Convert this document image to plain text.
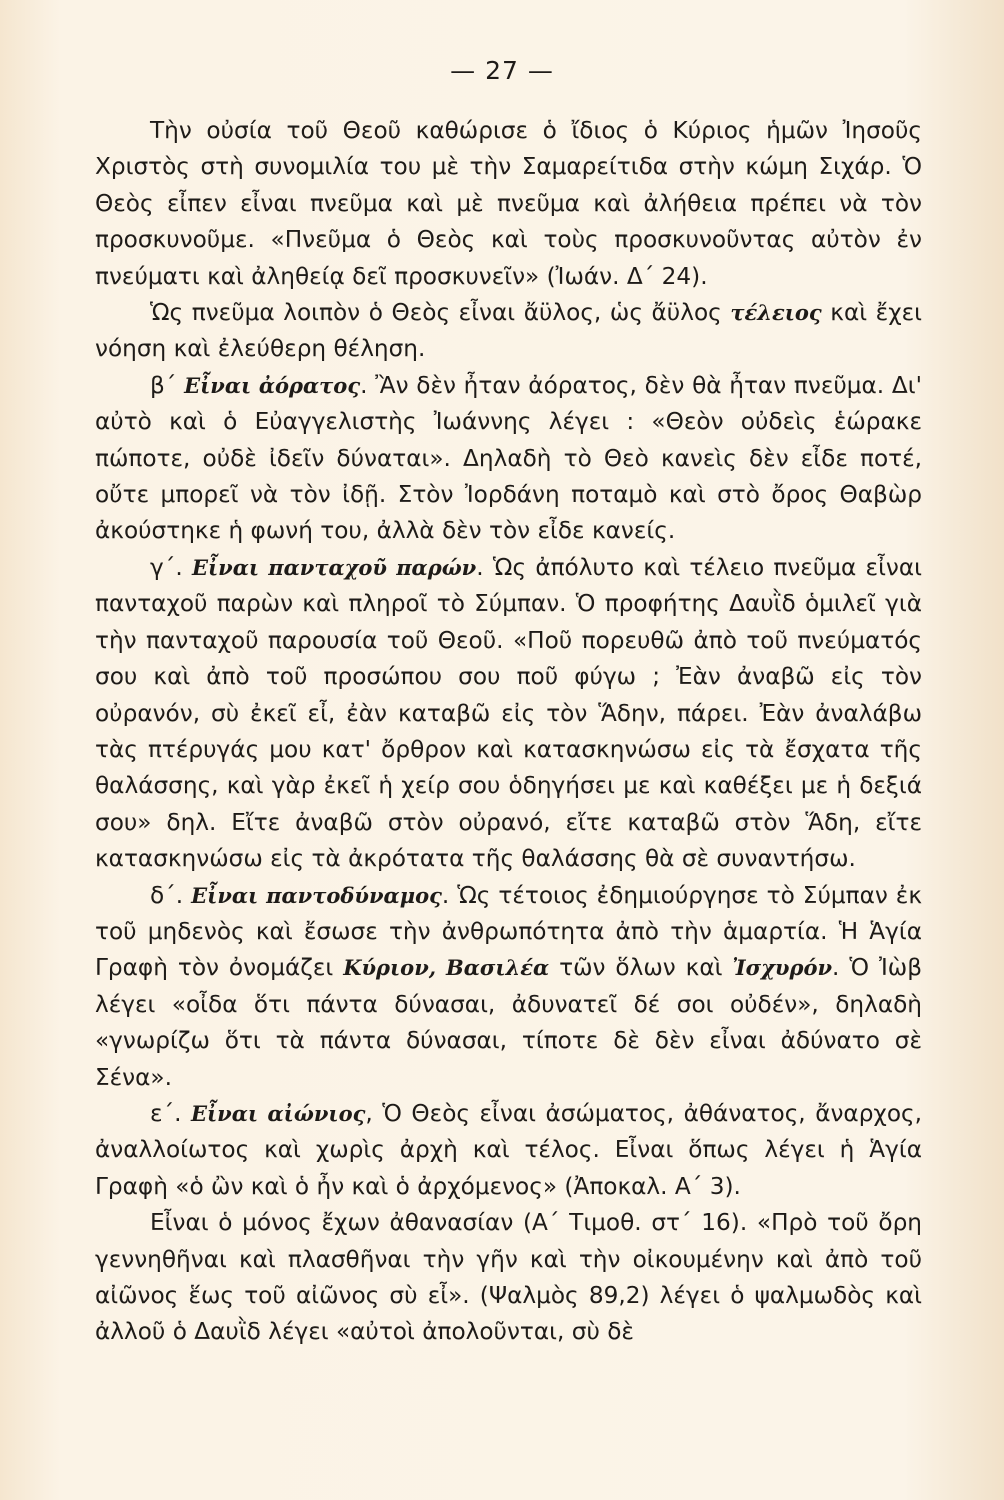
— 27 —

Τὴν οὐσία τοῦ Θεοῦ καθώρισε ὁ ἴδιος ὁ Κύριος ἡμῶν Ἰησοῦς Χριστὸς στὴ συνομιλία του μὲ τὴν Σαμαρείτιδα στὴν κώμη Σιχάρ. Ὁ Θεὸς εἶπεν εἶναι πνεῦμα καὶ μὲ πνεῦμα καὶ ἀλήθεια πρέπει νὰ τὸν προσκυνοῦμε. «Πνεῦμα ὁ Θεὸς καὶ τοὺς προσκυνοῦντας αὐτὸν ἐν πνεύματι καὶ ἀληθείᾳ δεῖ προσκυνεῖν» (Ἰωάν. Δ΄ 24).

Ὡς πνεῦμα λοιπὸν ὁ Θεὸς εἶναι ἄϋλος, ὡς ἄϋλος τέλειος καὶ ἔχει νόηση καὶ ἐλεύθερη θέληση.

β΄ Εἶναι ἀόρατος. Ἂν δὲν ἦταν ἀόρατος, δὲν θὰ ἦταν πνεῦμα. Δι' αὐτὸ καὶ ὁ Εὐαγγελιστὴς Ἰωάννης λέγει : «Θεὸν οὐδεὶς ἑώρακε πώποτε, οὐδὲ ἰδεῖν δύναται». Δηλαδὴ τὸ Θεὸ κανεὶς δὲν εἶδε ποτέ, οὔτε μπορεῖ νὰ τὸν ἰδῇ. Στὸν Ἰορδάνη ποταμὸ καὶ στὸ ὄρος Θαβὼρ ἀκούστηκε ἡ φωνή του, ἀλλὰ δὲν τὸν εἶδε κανείς.

γ΄. Εἶναι πανταχοῦ παρών. Ὡς ἀπόλυτο καὶ τέλειο πνεῦμα εἶναι πανταχοῦ παρὼν καὶ πληροῖ τὸ Σύμπαν. Ὁ προφήτης Δαυῒδ ὁμιλεῖ γιὰ τὴν πανταχοῦ παρουσία τοῦ Θεοῦ. «Ποῦ πορευθῶ ἀπὸ τοῦ πνεύματός σου καὶ ἀπὸ τοῦ προσώπου σου ποῦ φύγω ; Ἐὰν ἀναβῶ εἰς τὸν οὐρανόν, σὺ ἐκεῖ εἶ, ἐὰν καταβῶ εἰς τὸν Ἅδην, πάρει. Ἐὰν ἀναλάβω τὰς πτέρυγάς μου κατ' ὄρθρον καὶ κατασκηνώσω εἰς τὰ ἔσχατα τῆς θαλάσσης, καὶ γὰρ ἐκεῖ ἡ χείρ σου ὁδηγήσει με καὶ καθέξει με ἡ δεξιά σου» δηλ. Εἴτε ἀναβῶ στὸν οὐρανό, εἴτε καταβῶ στὸν Ἅδη, εἴτε κατασκηνώσω εἰς τὰ ἀκρότατα τῆς θαλάσσης θὰ σὲ συναντήσω.

δ΄. Εἶναι παντοδύναμος. Ὡς τέτοιος ἐδημιούργησε τὸ Σύμπαν ἐκ τοῦ μηδενὸς καὶ ἔσωσε τὴν ἀνθρωπότητα ἀπὸ τὴν ἁμαρτία. Ἡ Ἁγία Γραφὴ τὸν ὀνομάζει Κύριον, Βασιλέα τῶν ὅλων καὶ Ἰσχυρόν. Ὁ Ἰὼβ λέγει «οἶδα ὅτι πάντα δύνασαι, ἀδυνατεῖ δέ σοι οὐδέν», δηλαδὴ «γνωρίζω ὅτι τὰ πάντα δύνασαι, τίποτε δὲ δὲν εἶναι ἀδύνατο σὲ Σένα».

ε΄. Εἶναι αἰώνιος, Ὁ Θεὸς εἶναι ἀσώματος, ἀθάνατος, ἄναρχος, ἀναλλοίωτος καὶ χωρὶς ἀρχὴ καὶ τέλος. Εἶναι ὅπως λέγει ἡ Ἁγία Γραφὴ «ὁ ὢν καὶ ὁ ἦν καὶ ὁ ἀρχόμενος» (Ἀποκαλ. Α΄ 3).

Εἶναι ὁ μόνος ἔχων ἀθανασίαν (Α΄ Τιμοθ. στ΄ 16). «Πρὸ τοῦ ὄρη γεννηθῆναι καὶ πλασθῆναι τὴν γῆν καὶ τὴν οἰκουμένην καὶ ἀπὸ τοῦ αἰῶνος ἕως τοῦ αἰῶνος σὺ εἶ». (Ψαλμὸς 89,2) λέγει ὁ ψαλμωδὸς καὶ ἀλλοῦ ὁ Δαυῒδ λέγει «αὐτοὶ ἀπολοῦνται, σὺ δὲ
